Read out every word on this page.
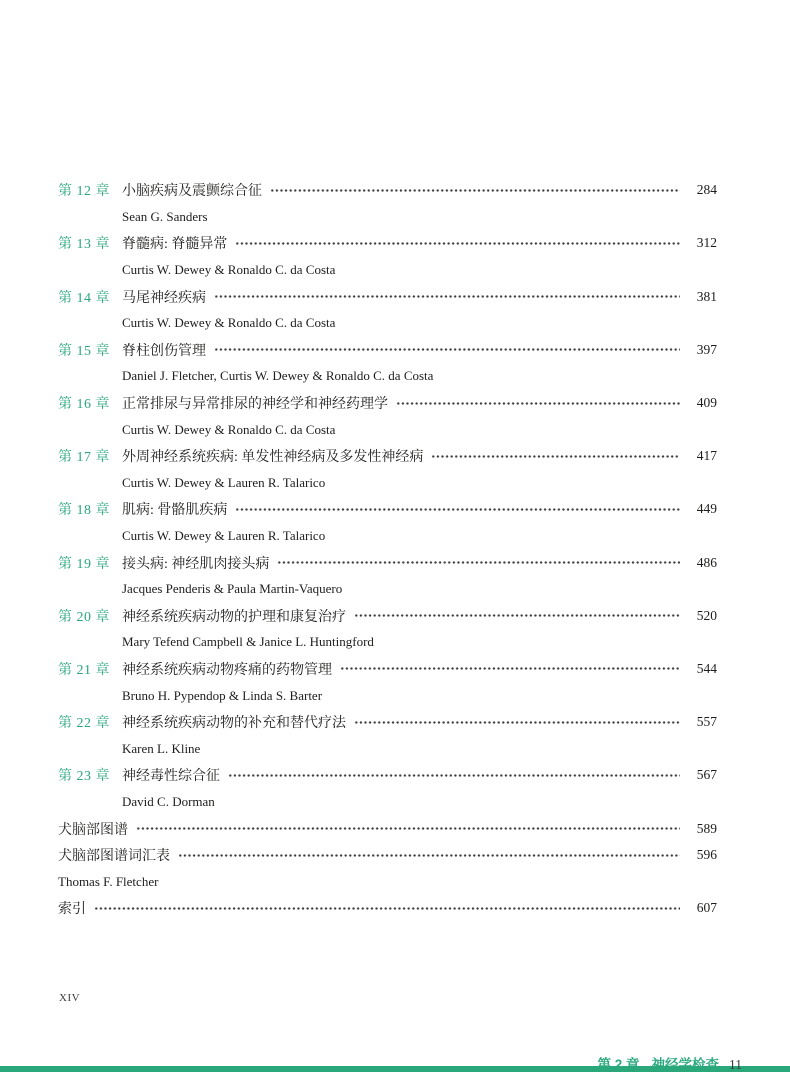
第 12 章 小脑疾病及震颤综合征	284
Sean G. Sanders
第 13 章 脊髓病: 脊髓异常	312
Curtis W. Dewey & Ronaldo C. da Costa
第 14 章 马尾神经疾病	381
Curtis W. Dewey & Ronaldo C. da Costa
第 15 章 脊柱创伤管理	397
Daniel J. Fletcher, Curtis W. Dewey & Ronaldo C. da Costa
第 16 章 正常排尿与异常排尿的神经学和神经药理学	409
Curtis W. Dewey & Ronaldo C. da Costa
第 17 章 外周神经系统疾病: 单发性神经病及多发性神经病	417
Curtis W. Dewey & Lauren R. Talarico
第 18 章 肌病: 骨骼肌疾病	449
Curtis W. Dewey & Lauren R. Talarico
第 19 章 接头病: 神经肌肉接头病	486
Jacques Penderis & Paula Martin-Vaquero
第 20 章 神经系统疾病动物的护理和康复治疗	520
Mary Tefend Campbell & Janice L. Huntingford
第 21 章 神经系统疾病动物疼痛的药物管理	544
Bruno H. Pypendop & Linda S. Barter
第 22 章 神经系统疾病动物的补充和替代疗法	557
Karen L. Kline
第 23 章 神经毒性综合征	567
David C. Dorman
犬脑部图谱	589
犬脑部图谱词汇表	596
Thomas F. Fletcher
索引	607
XIV
第 2 章 神经学检查 11
